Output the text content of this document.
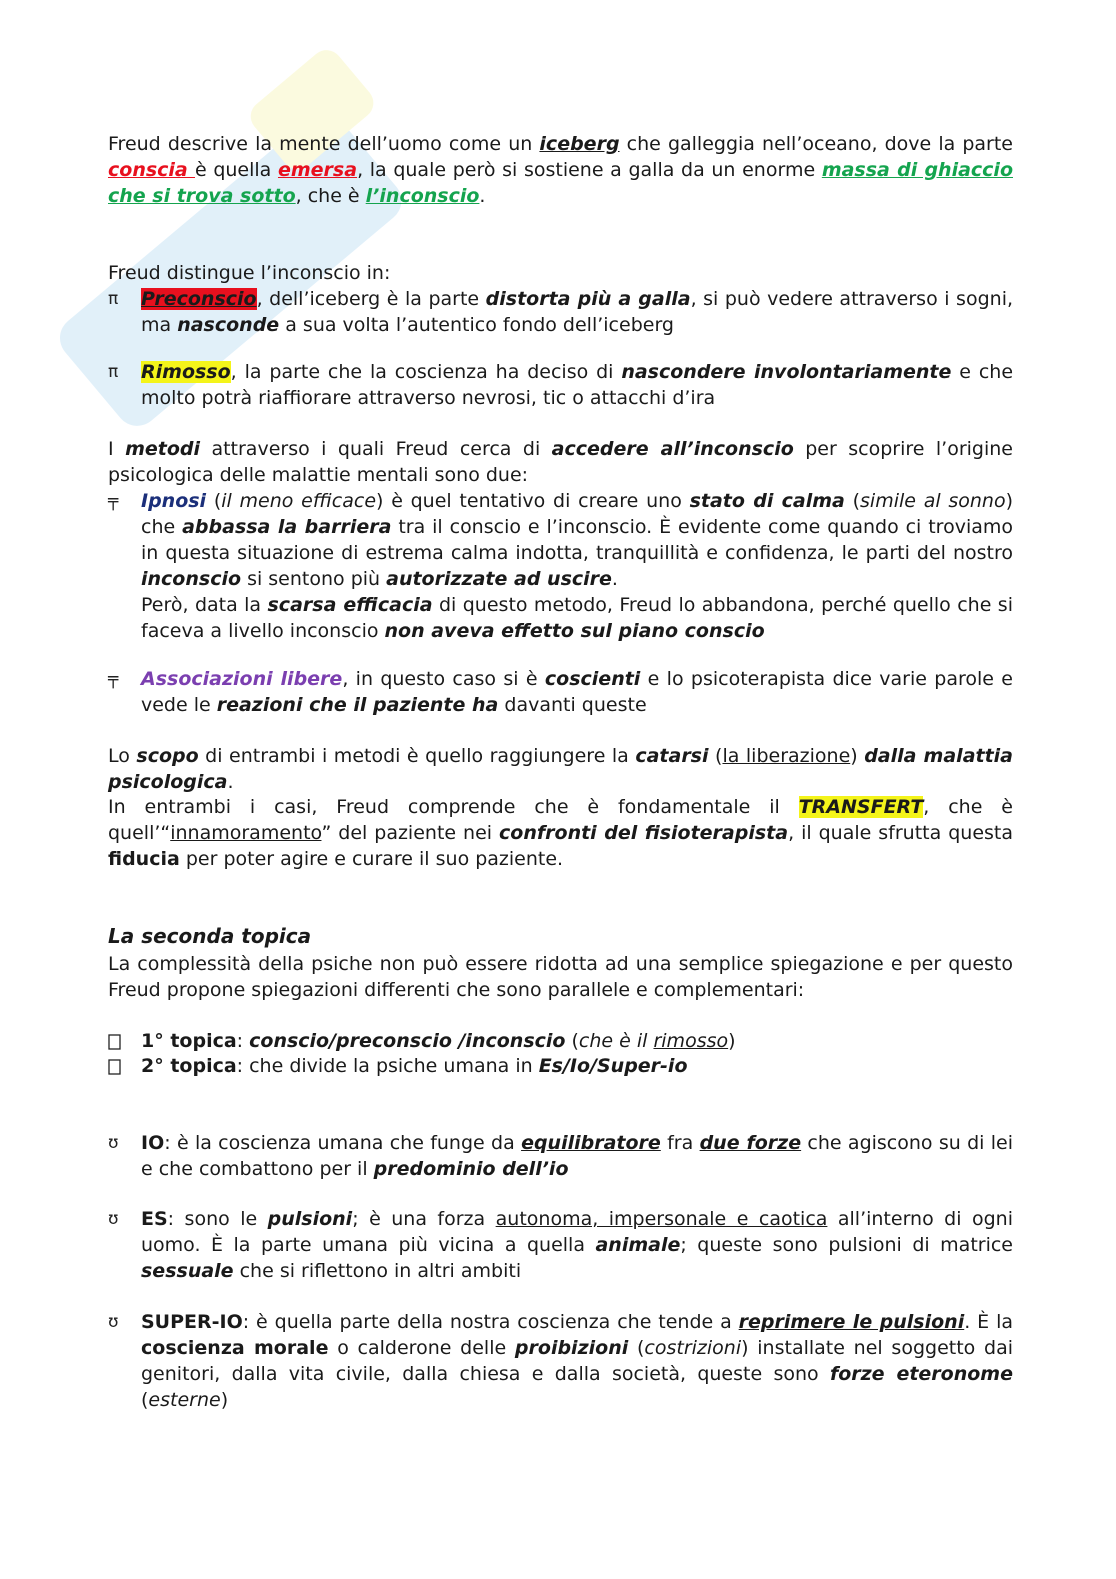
Freud descrive la mente dell’uomo come un iceberg che galleggia nell’oceano, dove la parte conscia è quella emersa, la quale però si sostiene a galla da un enorme massa di ghiaccio che si trova sotto, che è l’inconscio.

Freud distingue l’inconscio in:

π	Preconscio, dell’iceberg è la parte distorta più a galla, si può vedere attraverso i sogni, ma nasconde a sua volta l’autentico fondo dell’iceberg

π	Rimosso, la parte che la coscienza ha deciso di nascondere involontariamente e che molto potrà riaffiorare attraverso nevrosi, tic o attacchi d’ira

I metodi attraverso i quali Freud cerca di accedere all’inconscio per scoprire l’origine psicologica delle malattie mentali sono due:

╤	Ipnosi (il meno efficace) è quel tentativo di creare uno stato di calma (simile al sonno) che abbassa la barriera tra il conscio e l’inconscio. È evidente come quando ci troviamo in questa situazione di estrema calma indotta, tranquillità e confidenza, le parti del nostro inconscio si sentono più autorizzate ad uscire.

Però, data la scarsa efficacia di questo metodo, Freud lo abbandona, perché quello che si faceva a livello inconscio non aveva effetto sul piano conscio

╤	Associazioni libere, in questo caso si è coscienti e lo psicoterapista dice varie parole e vede le reazioni che il paziente ha davanti queste

Lo scopo di entrambi i metodi è quello raggiungere la catarsi (la liberazione) dalla malattia psicologica.

In entrambi i casi, Freud comprende che è fondamentale il TRANSFERT, che è quell’“innamoramento” del paziente nei confronti del fisioterapista, il quale sfrutta questa fiducia per poter agire e curare il suo paziente.

La seconda topica

La complessità della psiche non può essere ridotta ad una semplice spiegazione e per questo Freud propone spiegazioni differenti che sono parallele e complementari:

1° topica: conscio/preconscio /inconscio (che è il rimosso)

2° topica: che divide la psiche umana in Es/Io/Super-io

ʊ	IO: è la coscienza umana che funge da equilibratore fra due forze che agiscono su di lei e che combattono per il predominio dell’io

ʊ	ES: sono le pulsioni; è una forza autonoma, impersonale e caotica all’interno di ogni uomo. È la parte umana più vicina a quella animale; queste sono pulsioni di matrice sessuale che si riflettono in altri ambiti

ʊ	SUPER-IO: è quella parte della nostra coscienza che tende a reprimere le pulsioni. È la coscienza morale o calderone delle proibizioni (costrizioni) installate nel soggetto dai genitori, dalla vita civile, dalla chiesa e dalla società, queste sono forze eteronome (esterne)
